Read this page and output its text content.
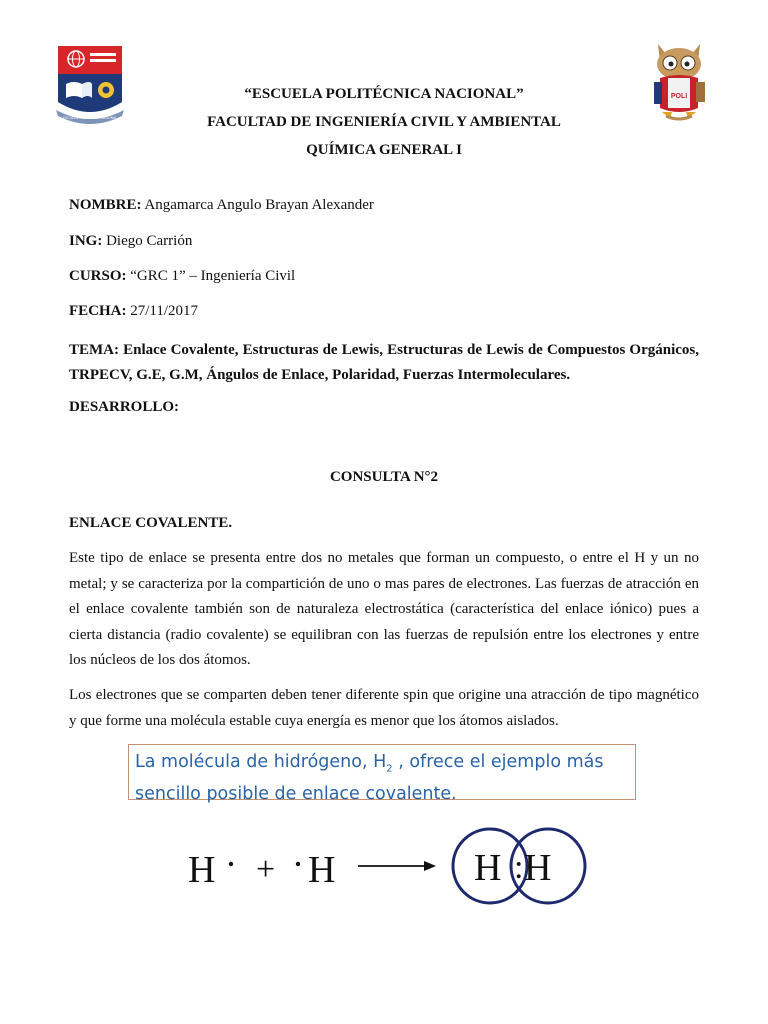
ESCUELA POLITÉCNICA NACIONAL
POLI
“ESCUELA POLITÉCNICA NACIONAL”
FACULTAD DE INGENIERÍA CIVIL Y AMBIENTAL
QUÍMICA GENERAL I
NOMBRE: Angamarca Angulo Brayan Alexander
ING: Diego Carrión
CURSO: “GRC 1” – Ingeniería Civil
FECHA: 27/11/2017
TEMA: Enlace Covalente, Estructuras de Lewis, Estructuras de Lewis de Compuestos Orgánicos, TRPECV, G.E, G.M, Ángulos de Enlace, Polaridad, Fuerzas Intermoleculares.
DESARROLLO:
CONSULTA N°2
ENLACE COVALENTE.
Este tipo de enlace se presenta entre dos no metales que forman un compuesto, o entre el H y un no metal; y se caracteriza por la compartición de uno o mas pares de electrones. Las fuerzas de atracción en el enlace covalente también son de naturaleza electrostática (característica del enlace iónico) pues a cierta distancia (radio covalente) se equilibran con las fuerzas de repulsión entre los electrones y entre los núcleos de los dos átomos.
Los electrones que se comparten deben tener diferente spin que origine una atracción de tipo magnético y que forme una molécula estable cuya energía es menor que los átomos aislados.
La molécula de hidrógeno, $H_2$ , ofrece el ejemplo más sencillo posible de enlace covalente.
H + H	H : H
